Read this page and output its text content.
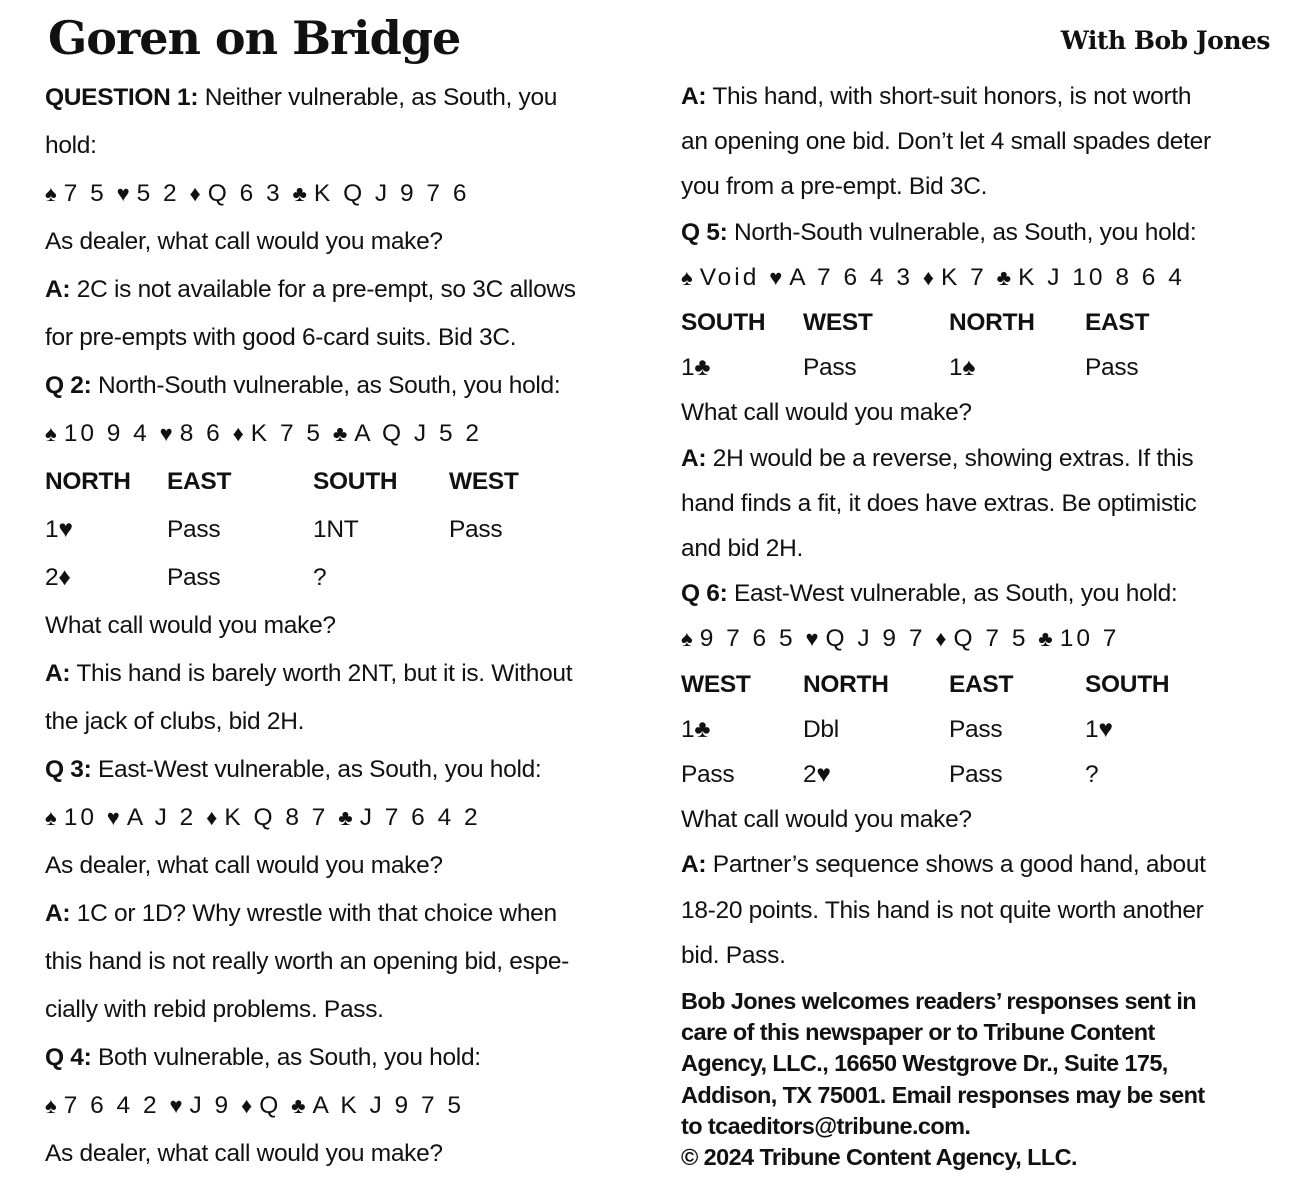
Goren on Bridge	With Bob Jones
QUESTION 1: Neither vulnerable, as South, you
hold:
♠ 7 5 ♥ 5 2 ♦ Q 6 3 ♣ K Q J 9 7 6
As dealer, what call would you make?
A: 2C is not available for a pre-empt, so 3C allows
for pre-empts with good 6-card suits. Bid 3C.
Q 2: North-South vulnerable, as South, you hold:
♠ 10 9 4 ♥ 8 6 ♦ K 7 5 ♣ A Q J 5 2
NORTH	EAST	SOUTH	WEST
1♥	Pass	1NT	Pass
2♦	Pass	?
What call would you make?
A: This hand is barely worth 2NT, but it is. Without
the jack of clubs, bid 2H.
Q 3: East-West vulnerable, as South, you hold:
♠ 10 ♥ A J 2 ♦ K Q 8 7 ♣ J 7 6 4 2
As dealer, what call would you make?
A: 1C or 1D? Why wrestle with that choice when
this hand is not really worth an opening bid, espe-
cially with rebid problems. Pass.
Q 4: Both vulnerable, as South, you hold:
♠ 7 6 4 2 ♥ J 9 ♦ Q ♣ A K J 9 7 5
As dealer, what call would you make?
A: This hand, with short-suit honors, is not worth
an opening one bid. Don’t let 4 small spades deter
you from a pre-empt. Bid 3C.
Q 5: North-South vulnerable, as South, you hold:
♠ Void ♥ A 7 6 4 3 ♦ K 7 ♣ K J 10 8 6 4
SOUTH	WEST	NORTH	EAST
1♣	Pass	1♠	Pass
What call would you make?
A: 2H would be a reverse, showing extras. If this
hand finds a fit, it does have extras. Be optimistic
and bid 2H.
Q 6: East-West vulnerable, as South, you hold:
♠ 9 7 6 5 ♥ Q J 9 7 ♦ Q 7 5 ♣ 10 7
WEST	NORTH	EAST	SOUTH
1♣	Dbl	Pass	1♥
Pass	2♥	Pass	?
What call would you make?
A: Partner’s sequence shows a good hand, about
18-20 points. This hand is not quite worth another
bid. Pass.
Bob Jones welcomes readers’ responses sent in
care of this newspaper or to Tribune Content
Agency, LLC., 16650 Westgrove Dr., Suite 175,
Addison, TX 75001. Email responses may be sent
to tcaeditors@tribune.com.
© 2024 Tribune Content Agency, LLC.
